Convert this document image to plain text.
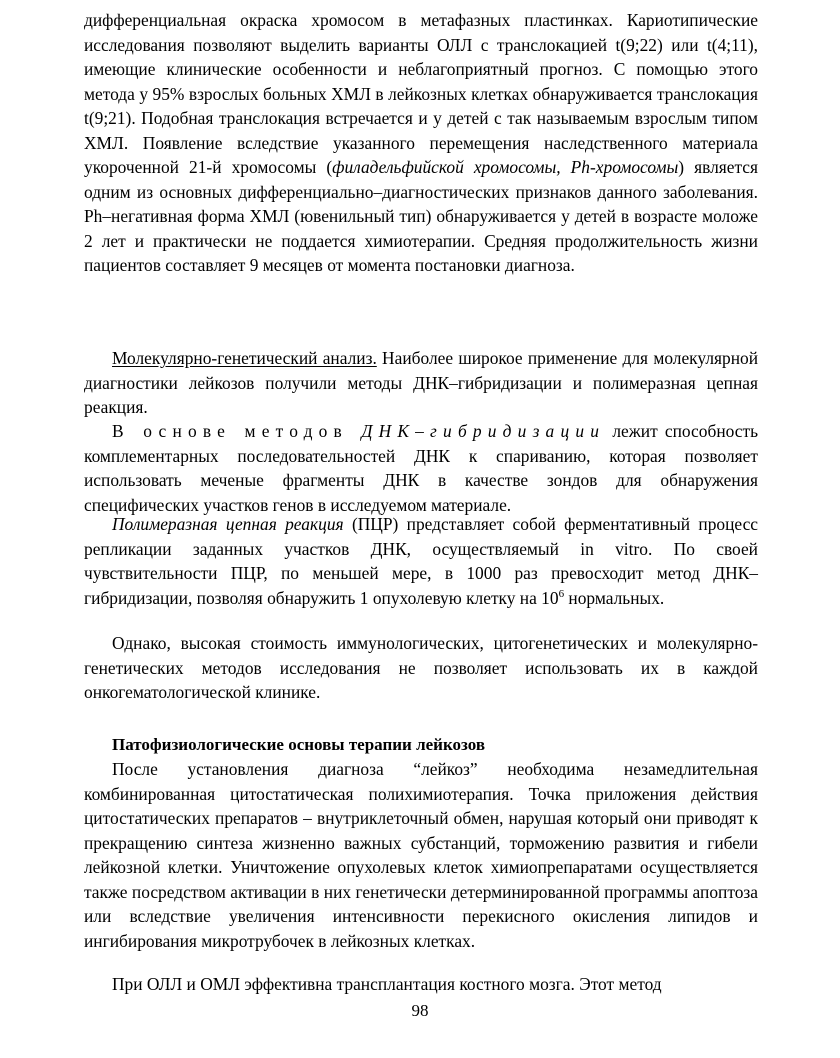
дифференциальная окраска хромосом в метафазных пластинках. Кариотипические исследования позволяют выделить варианты ОЛЛ с транслокацией t(9;22) или t(4;11), имеющие клинические особенности и неблагоприятный прогноз. С помощью этого метода у 95% взрослых больных ХМЛ в лейкозных клетках обнаруживается транслокация t(9;21). Подобная транслокация встречается и у детей с так называемым взрослым типом ХМЛ. Появление вследствие указанного перемещения наследственного материала укороченной 21-й хромосомы (филадельфийской хромосомы, Ph-хромосомы) является одним из основных дифференциально–диагностических признаков данного заболевания. Ph–негативная форма ХМЛ (ювенильный тип) обнаруживается у детей в возрасте моложе 2 лет и практически не поддается химиотерапии. Средняя продолжительность жизни пациентов составляет 9 месяцев от момента постановки диагноза.

Молекулярно-генетический анализ. Наиболее широкое применение для молекулярной диагностики лейкозов получили методы ДНК–гибридизации и полимеразная цепная реакция.

В основе методов ДНК–гибридизации лежит способность комплементарных последовательностей ДНК к спариванию, которая позволяет использовать меченые фрагменты ДНК в качестве зондов для обнаружения специфических участков генов в исследуемом материале.

Полимеразная цепная реакция (ПЦР) представляет собой ферментативный процесс репликации заданных участков ДНК, осуществляемый in vitro. По своей чувствительности ПЦР, по меньшей мере, в 1000 раз превосходит метод ДНК–гибридизации, позволяя обнаружить 1 опухолевую клетку на $10^6$ нормальных.

Однако, высокая стоимость иммунологических, цитогенетических и молекулярно-генетических методов исследования не позволяет использовать их в каждой онкогематологической клинике.

Патофизиологические основы терапии лейкозов

После установления диагноза “лейкоз” необходима незамедлительная комбинированная цитостатическая полихимиотерапия. Точка приложения действия цитостатических препаратов – внутриклеточный обмен, нарушая который они приводят к прекращению синтеза жизненно важных субстанций, торможению развития и гибели лейкозной клетки. Уничтожение опухолевых клеток химиопрепаратами осуществляется также посредством активации в них генетически детерминированной программы апоптоза или вследствие увеличения интенсивности перекисного окисления липидов и ингибирования микротрубочек в лейкозных клетках.

При ОЛЛ и ОМЛ эффективна трансплантация костного мозга. Этот метод

98
